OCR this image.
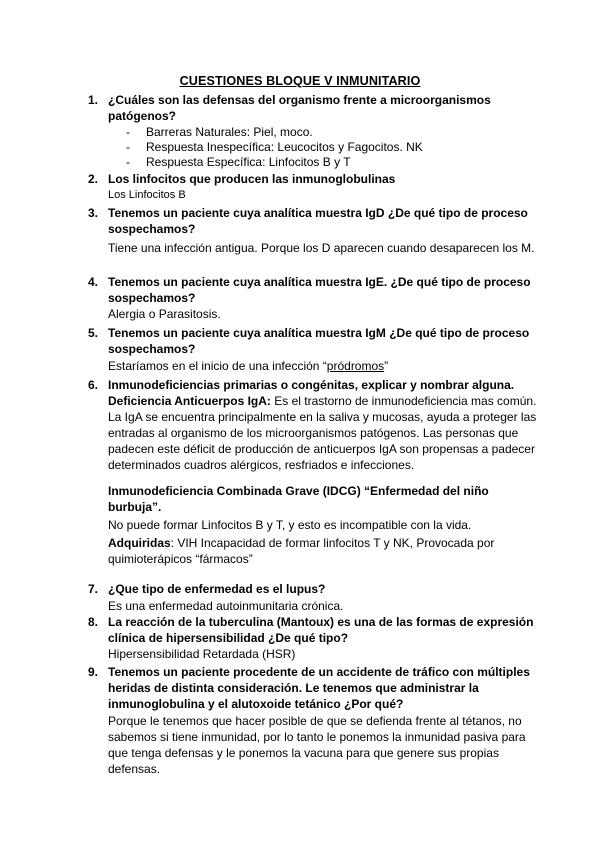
CUESTIONES BLOQUE V INMUNITARIO
1. ¿Cuáles son las defensas del organismo frente a microorganismos patógenos?

- Barreras Naturales: Piel, moco.
- Respuesta Inespecífica: Leucocitos y Fagocitos. NK
- Respuesta Específica: Linfocitos B y T
2. Los linfocitos que producen las inmunoglobulinas

Los Linfocitos B

3. Tenemos un paciente cuya analítica muestra IgD ¿De qué tipo de proceso sospechamos?

Tiene una infección antigua. Porque los D aparecen cuando desaparecen los M.

4. Tenemos un paciente cuya analítica muestra IgE. ¿De qué tipo de proceso sospechamos?

Alergia o Parasitosis.

5. Tenemos un paciente cuya analítica muestra IgM ¿De qué tipo de proceso sospechamos?

Estaríamos en el inicio de una infección “pródromos”

6. Inmunodeficiencias primarias o congénitas, explicar y nombrar alguna.

Deficiencia Anticuerpos IgA: Es el trastorno de inmunodeficiencia mas común. La IgA se encuentra principalmente en la saliva y mucosas, ayuda a proteger las entradas al organismo de los microorganismos patógenos. Las personas que padecen este déficit de producción de anticuerpos IgA son propensas a padecer determinados cuadros alérgicos, resfriados e infecciones.

Inmunodeficiencia Combinada Grave (IDCG) “Enfermedad del niño burbuja”.

No puede formar Linfocitos B y T, y esto es incompatible con la vida.

Adquiridas: VIH Incapacidad de formar linfocitos T y NK, Provocada por quimioterápicos “fármacos”

7. ¿Que tipo de enfermedad es el lupus?

Es una enfermedad autoinmunitaria crónica.

8. La reacción de la tuberculina (Mantoux) es una de las formas de expresión clínica de hipersensibilidad ¿De qué tipo?

Hipersensibilidad Retardada (HSR)

9. Tenemos un paciente procedente de un accidente de tráfico con múltiples heridas de distinta consideración. Le tenemos que administrar la inmunoglobulina y el alutoxoide tetánico ¿Por qué?

Porque le tenemos que hacer posible de que se defienda frente al tétanos, no sabemos si tiene inmunidad, por lo tanto le ponemos la inmunidad pasiva para que tenga defensas y le ponemos la vacuna para que genere sus propias defensas.
